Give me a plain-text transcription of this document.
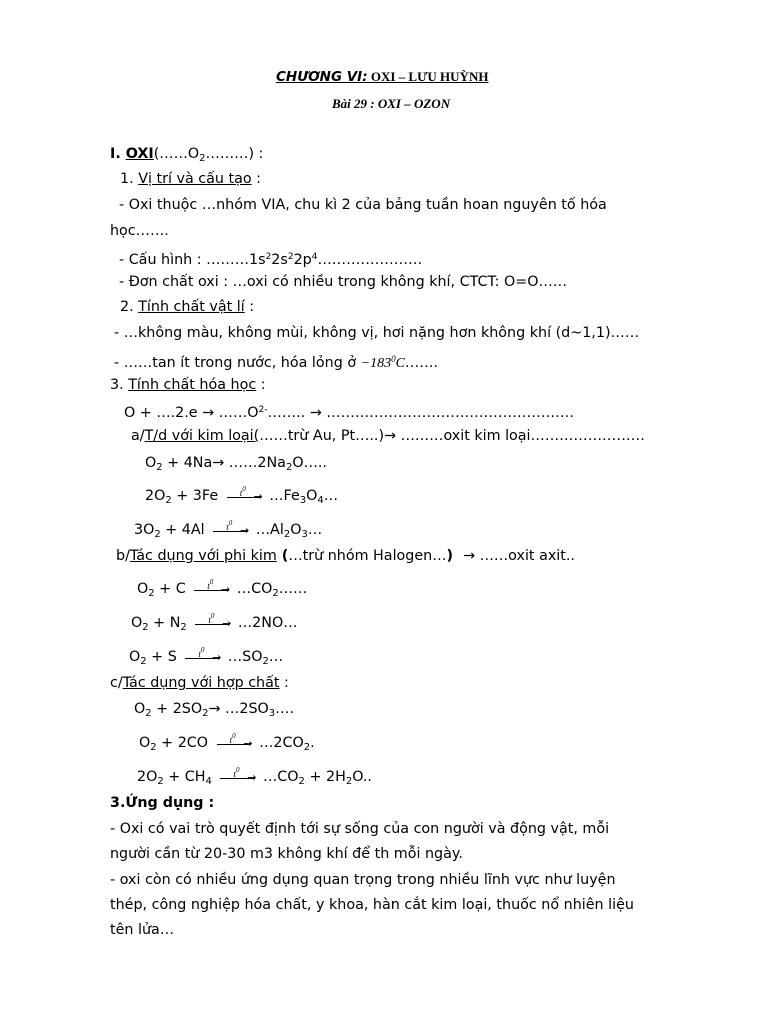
CHƯƠNG VI: OXI – LƯU HUỲNH
Bài 29 : OXI – OZON
I. $OXI(\dots\dots O_2\dots\dots\dots)$ :
1. Vị trí và cấu tạo :
- Oxi thuộc …nhóm VIA, chu kì 2 của bảng tuần hoan nguyên tố hóa
học…….
- Cấu hình : $\dots\dots\dots 1s^22s^22p^4\dots\dots\dots\dots\dots\dots\dots$.
- Đơn chất oxi : …oxi có nhiều trong không khí, CTCT: O=O……
2. Tính chất vật lí :
- …không màu, không mùi, không vị, hơi nặng hơn không khí (d~1,1)……
- ……tan ít trong nước, hóa lỏng ở $-183^0C\dots\dots$.
3. Tính chất hóa học :
O + ….2.e → $\dots\dots O^{2-}\dots\dots$.. → …………………………………………….
a/T/d với kim loại(……trừ Au, Pt…..)→ ………oxit kim loại……………………
$O_2 + 4Na\to$ $\dots\dots 2Na_2O\dots$..
$2O_2 + 3Fe$ $t^0$
→ $\dots Fe_3O_4\dots$
$3O_2 + 4Al$ $t^0$
→ $\dots Al_2O_3\dots$
b/Tác dụng với phi kim (…trừ nhóm Halogen…) → ……oxit axit..
$O_2 + C$ $t^0$
→ $\dots CO_2\dots\dots$
$O_2 + N_2$
$t^0$
→ …2NO…
$O_2 + S$ $t^0$
→ $\dots SO_2\dots$
c/Tác dụng với hợp chất :
$O_2 + 2SO_2\to$ $\dots 2SO_3\dots$.
$O_2 + 2CO$ $t^0$
→ $\dots 2CO_2$.
$2O_2 + CH_4$
$t^0$
→ $\dots CO_2 + 2H_2O$..
3.Ứng dụng :
- Oxi có vai trò quyết định tới sự sống của con người và động vật, mỗi
người cần từ 20-30 m3 không khí để th mỗi ngày.
- oxi còn có nhiều ứng dụng quan trọng trong nhiều lĩnh vực như luyện
thép, công nghiệp hóa chất, y khoa, hàn cắt kim loại, thuốc nổ nhiên liệu
tên lửa…
